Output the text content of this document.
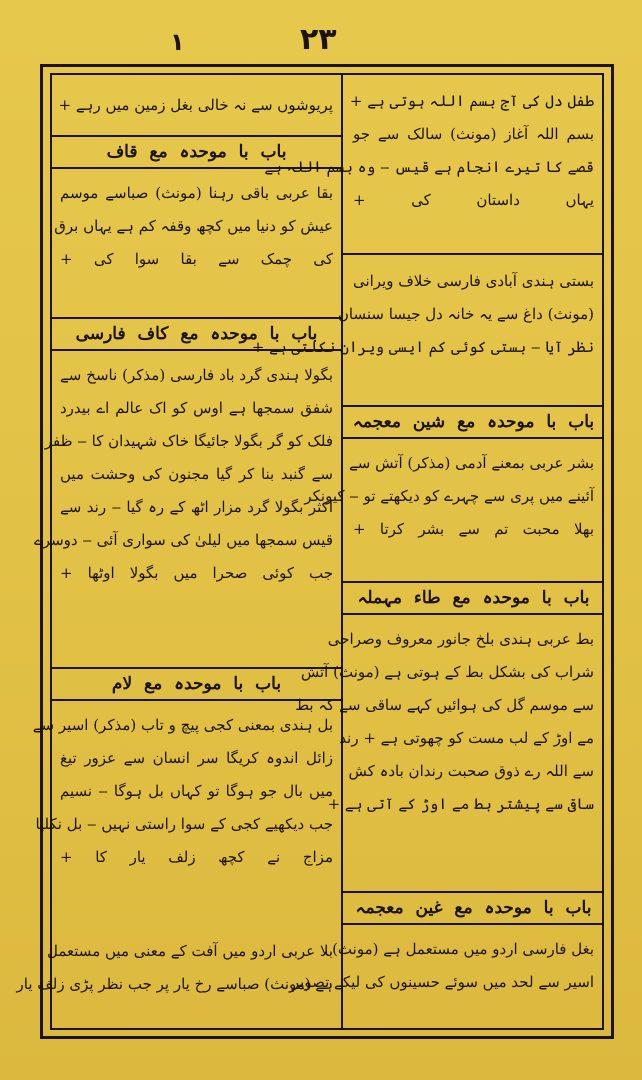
۱	٢٣
طفل دل کی آج بسم اللہ ہوتی ہے +
بسم اللہ آغاز (مونث) سالک سے جو
قصے کا تیرے انجام ہے قیس ‒ وہ بسم اللہ ہے
یہاں داستان کی +
بستی ہندی آبادی فارسی خلاف ویرانی
(مونث) داغ سے یہ خانہ دل جیسا سنسان
نظر آیا ‒ بستی کوئی کم ایسی ویران نکلتی ہے +
باب با موحدہ مع شین معجمہ
بشر عربی بمعنے آدمی (مذکر) آتش سے
آئینے میں پری سے چہرے کو دیکھتے تو ‒ کیونکر
بھلا محبت تم سے بشر کرتا +
باب با موحدہ مع طاء مہملہ
بط عربی ہندی بلخ جانور معروف وصراحی
شراب کی بشکل بط کے ہوتی ہے (مونث) آتش
سے موسم گل کی ہوائیں کہے ساقی سے کہ بط
مے اوڑ کے لب مست کو چھوتی ہے + رند
سے اللہ رے ذوق صحبت رندان بادہ کش
ساقی سے پیشتر بط مے اوڑ کے آتی ہے +
باب با موحدہ مع غین معجمہ
بغل فارسی اردو میں مستعمل ہے (مونث)
اسیر سے لحد میں سوئے حسینوں کی لیکے تصویر
پریوشوں سے نہ خالی بغل زمین میں رہے +
باب با موحدہ مع قاف
بقا عربی باقی رہنا (مونث) صباسے موسم
عیش کو دنیا میں کچھ وقفہ کم ہے یہاں برق
کی چمک سے بقا سوا کی +
باب با موحدہ مع کاف فارسی
بگولا ہندی گرد باد فارسی (مذکر) ناسخ سے
شفق سمجھا ہے اوس کو اک عالم اے بیدرد
فلک کو گر بگولا جائیگا خاک شہیدان کا ‒ ظفر
سے گنبد بنا کر گیا مجنون کی وحشت میں
اکثر بگولا گرد مزار اٹھ کے رہ گیا ‒ رند سے
قیس سمجھا میں لیلیٰ کی سواری آئی ‒ دوسرے
جب کوئی صحرا میں بگولا اوٹھا +
باب با موحدہ مع لام
بل ہندی بمعنی کجی پیچ و تاب (مذکر) اسیر سے
زائل اندوہ کریگا سر انسان سے عزور تیغ
میں بال جو ہوگا تو کہاں بل ہوگا ‒ نسیم
جب دیکھیے کجی کے سوا راستی نہیں ‒ بل نکلیا
مزاج نے کچھ زلف یار کا +
بلا عربی اردو میں آفت کے معنی میں مستعمل
ہے (مونث) صباسے رخ یار پر جب نظر پڑی زلف یار
